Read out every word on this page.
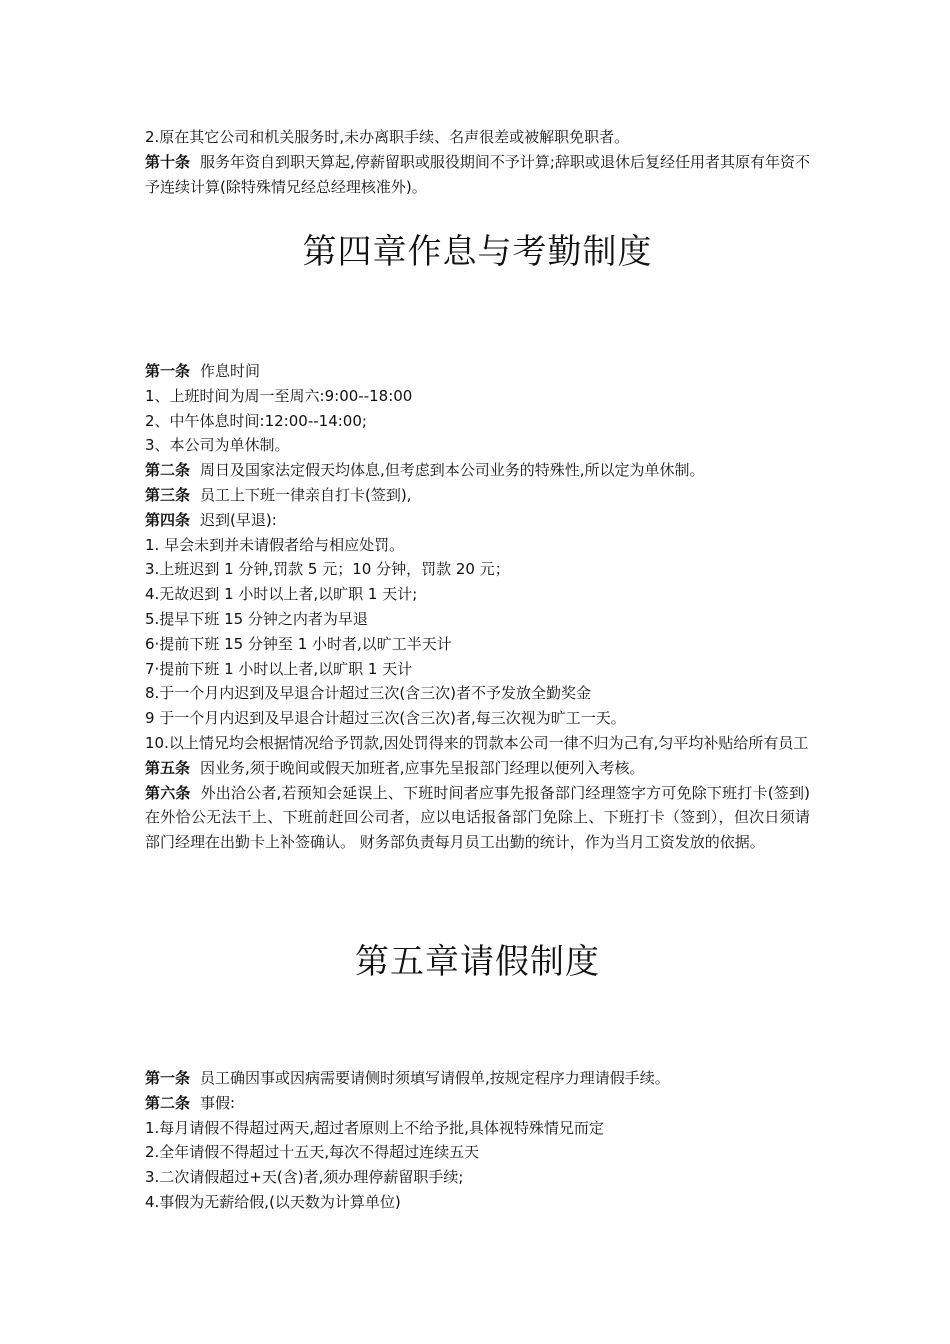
2.原在其它公司和机关服务时,未办离职手续、名声很差或被解职免职者。
第十条 服务年资自到职天算起,停薪留职或服役期间不予计算;辞职或退休后复经任用者其原有年资不予连续计算(除特殊情兄经总经理核准外)。
第四章作息与考勤制度
第一条 作息时间
1、上班时间为周一至周六:9:00--18:00
2、中午体息时间:12:00--14:00;
3、本公司为单休制。
第二条 周日及国家法定假天均体息,但考虑到本公司业务的特殊性,所以定为单休制。
第三条 员工上下班一律亲自打卡(签到),
第四条 迟到(早退):
1. 早会未到并未请假者给与相应处罚。
3.上班迟到 1 分钟,罚款 5 元；10 分钟，罚款 20 元；
4.无故迟到 1 小时以上者,以旷职 1 天计;
5.提早下班 15 分钟之内者为早退
6·提前下班 15 分钟至 1 小时者,以旷工半天计
7·提前下班 1 小时以上者,以旷职 1 天计
8.于一个月内迟到及早退合计超过三次(含三次)者不予发放全勤奖金
9 于一个月内迟到及早退合计超过三次(含三次)者,每三次视为旷工一天。
10.以上情兄均会根据情况给予罚款,因处罚得来的罚款本公司一律不归为己有,匀平均补贴给所有员工
第五条 因业务,须于晚间或假天加班者,应事先呈报部门经理以便列入考核。
第六条 外出洽公者,若预知会延误上、下班时间者应事先报备部门经理签字方可免除下班打卡(签到)在外恰公无法干上、下班前赶回公司者，应以电话报备部门免除上、下班打卡（签到），但次日须请部门经理在出勤卡上补签确认。 财务部负责每月员工出勤的统计，作为当月工资发放的依据。
第五章请假制度
第一条 员工确因事或因病需要请侧时须填写请假单,按规定程序力理请假手续。
第二条 事假:
1.每月请假不得超过两天,超过者原则上不给予批,具体视特殊情兄而定
2.全年请假不得超过十五天,每次不得超过连续五天
3.二次请假超过+天(含)者,须办理停薪留职手续;
4.事假为无薪给假,(以天数为计算单位)
